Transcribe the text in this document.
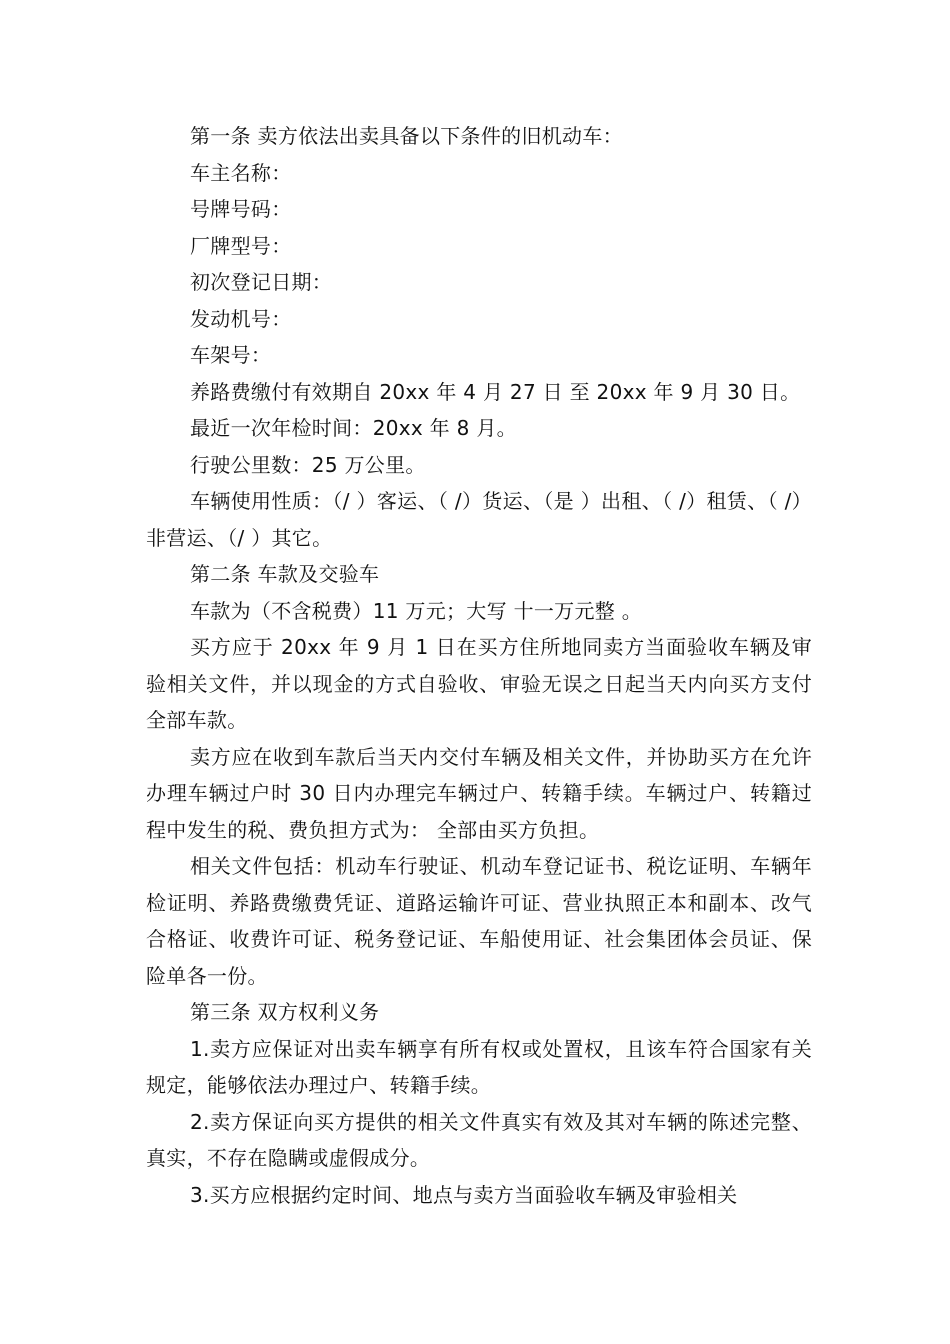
第一条 卖方依法出卖具备以下条件的旧机动车：

车主名称：

号牌号码：

厂牌型号：

初次登记日期：

发动机号：

车架号：

养路费缴付有效期自 20xx 年 4 月 27 日 至 20xx 年 9 月 30 日。

最近一次年检时间：20xx 年 8 月。

行驶公里数：25 万公里。

车辆使用性质：（/ ）客运、（ /）货运、（是 ）出租、（ /）租赁、（ /）非营运、（/ ）其它。

第二条 车款及交验车

车款为（不含税费）11 万元；大写 十一万元整 。

买方应于 20xx 年 9 月 1 日在买方住所地同卖方当面验收车辆及审验相关文件，并以现金的方式自验收、审验无误之日起当天内向买方支付全部车款。

卖方应在收到车款后当天内交付车辆及相关文件，并协助买方在允许办理车辆过户时 30 日内办理完车辆过户、转籍手续。车辆过户、转籍过程中发生的税、费负担方式为： 全部由买方负担。

相关文件包括：机动车行驶证、机动车登记证书、税讫证明、车辆年检证明、养路费缴费凭证、道路运输许可证、营业执照正本和副本、改气合格证、收费许可证、税务登记证、车船使用证、社会集团体会员证、保险单各一份。

第三条 双方权利义务

1.卖方应保证对出卖车辆享有所有权或处置权，且该车符合国家有关规定，能够依法办理过户、转籍手续。

2.卖方保证向买方提供的相关文件真实有效及其对车辆的陈述完整、真实，不存在隐瞒或虚假成分。

3.买方应根据约定时间、地点与卖方当面验收车辆及审验相关
